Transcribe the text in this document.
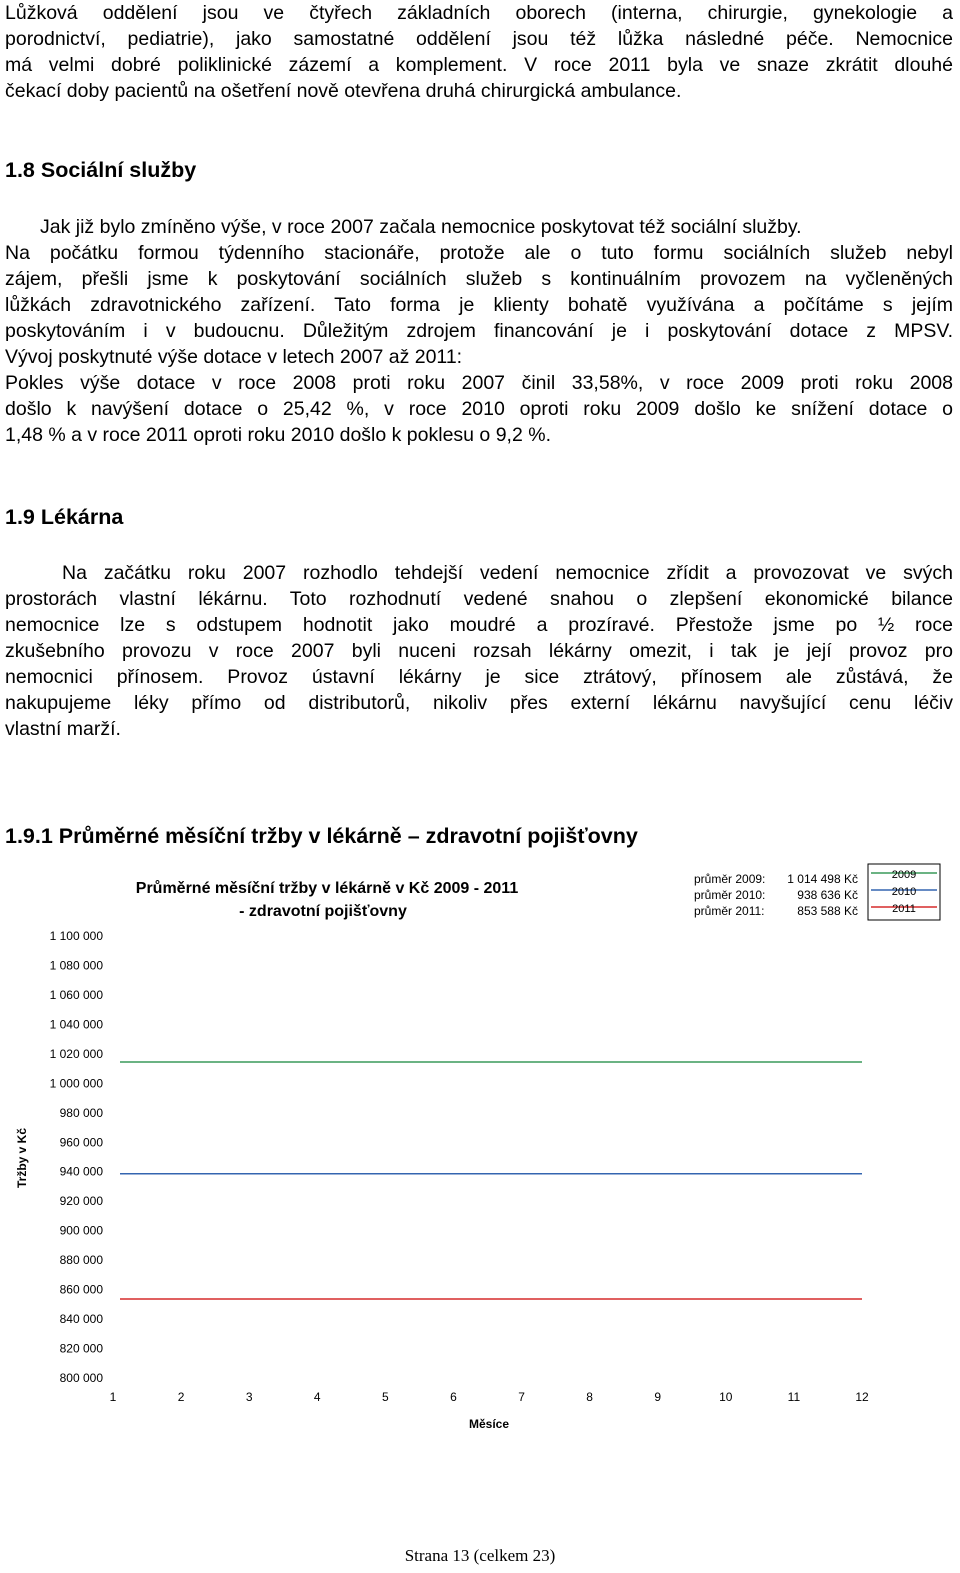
Lůžková oddělení jsou ve čtyřech základních oborech (interna, chirurgie, gynekologie a
porodnictví, pediatrie), jako samostatné oddělení jsou též lůžka následné péče. Nemocnice
má velmi dobré poliklinické zázemí a komplement. V roce 2011 byla ve snaze zkrátit dlouhé
čekací doby pacientů na ošetření nově otevřena druhá chirurgická ambulance.
1.8 Sociální služby
Jak již bylo zmíněno výše, v roce 2007 začala nemocnice poskytovat též sociální služby.
Na počátku formou týdenního stacionáře, protože ale o tuto formu sociálních služeb nebyl
zájem, přešli jsme k poskytování sociálních služeb s kontinuálním provozem na vyčleněných
lůžkách zdravotnického zařízení. Tato forma je klienty bohatě využívána a počítáme s jejím
poskytováním i v budoucnu. Důležitým zdrojem financování je i poskytování dotace z MPSV.
Vývoj poskytnuté výše dotace v letech 2007 až 2011:
Pokles výše dotace v roce 2008 proti roku 2007 činil 33,58%, v roce 2009 proti roku 2008
došlo k navýšení dotace o 25,42 %, v roce 2010 oproti roku 2009 došlo ke snížení dotace o
1,48 % a v roce 2011 oproti roku 2010 došlo k poklesu o 9,2 %.
1.9 Lékárna
Na začátku roku 2007 rozhodlo tehdejší vedení nemocnice zřídit a provozovat ve svých
prostorách vlastní lékárnu. Toto rozhodnutí vedené snahou o zlepšení ekonomické bilance
nemocnice lze s odstupem hodnotit jako moudré a prozíravé. Přestože jsme po ½ roce
zkušebního provozu v roce 2007 byli nuceni rozsah lékárny omezit, i tak je její provoz pro
nemocnici přínosem. Provoz ústavní lékárny je sice ztrátový, přínosem ale zůstává, že
nakupujeme léky přímo od distributorů, nikoliv přes externí lékárnu navyšující cenu léčiv
vlastní marží.
1.9.1 Průměrné měsíční tržby v lékárně – zdravotní pojišťovny
Průměrné měsíční tržby v lékárně v Kč 2009 - 2011
- zdravotní pojišťovny
průměr 2009: 1 014 498 Kč
průměr 2010:	938 636 Kč
průměr 2011:	853 588 Kč
2009
2010
2011
Tržby v Kč
Měsíce
800 000
820 000
840 000
860 000
880 000
900 000
920 000
940 000
960 000
980 000
1 000 000
1 020 000
1 040 000
1 060 000
1 080 000
1 100 000
1	2	3	4	5	6	7	8	9	10	11	12
Strana 13 (celkem 23)
